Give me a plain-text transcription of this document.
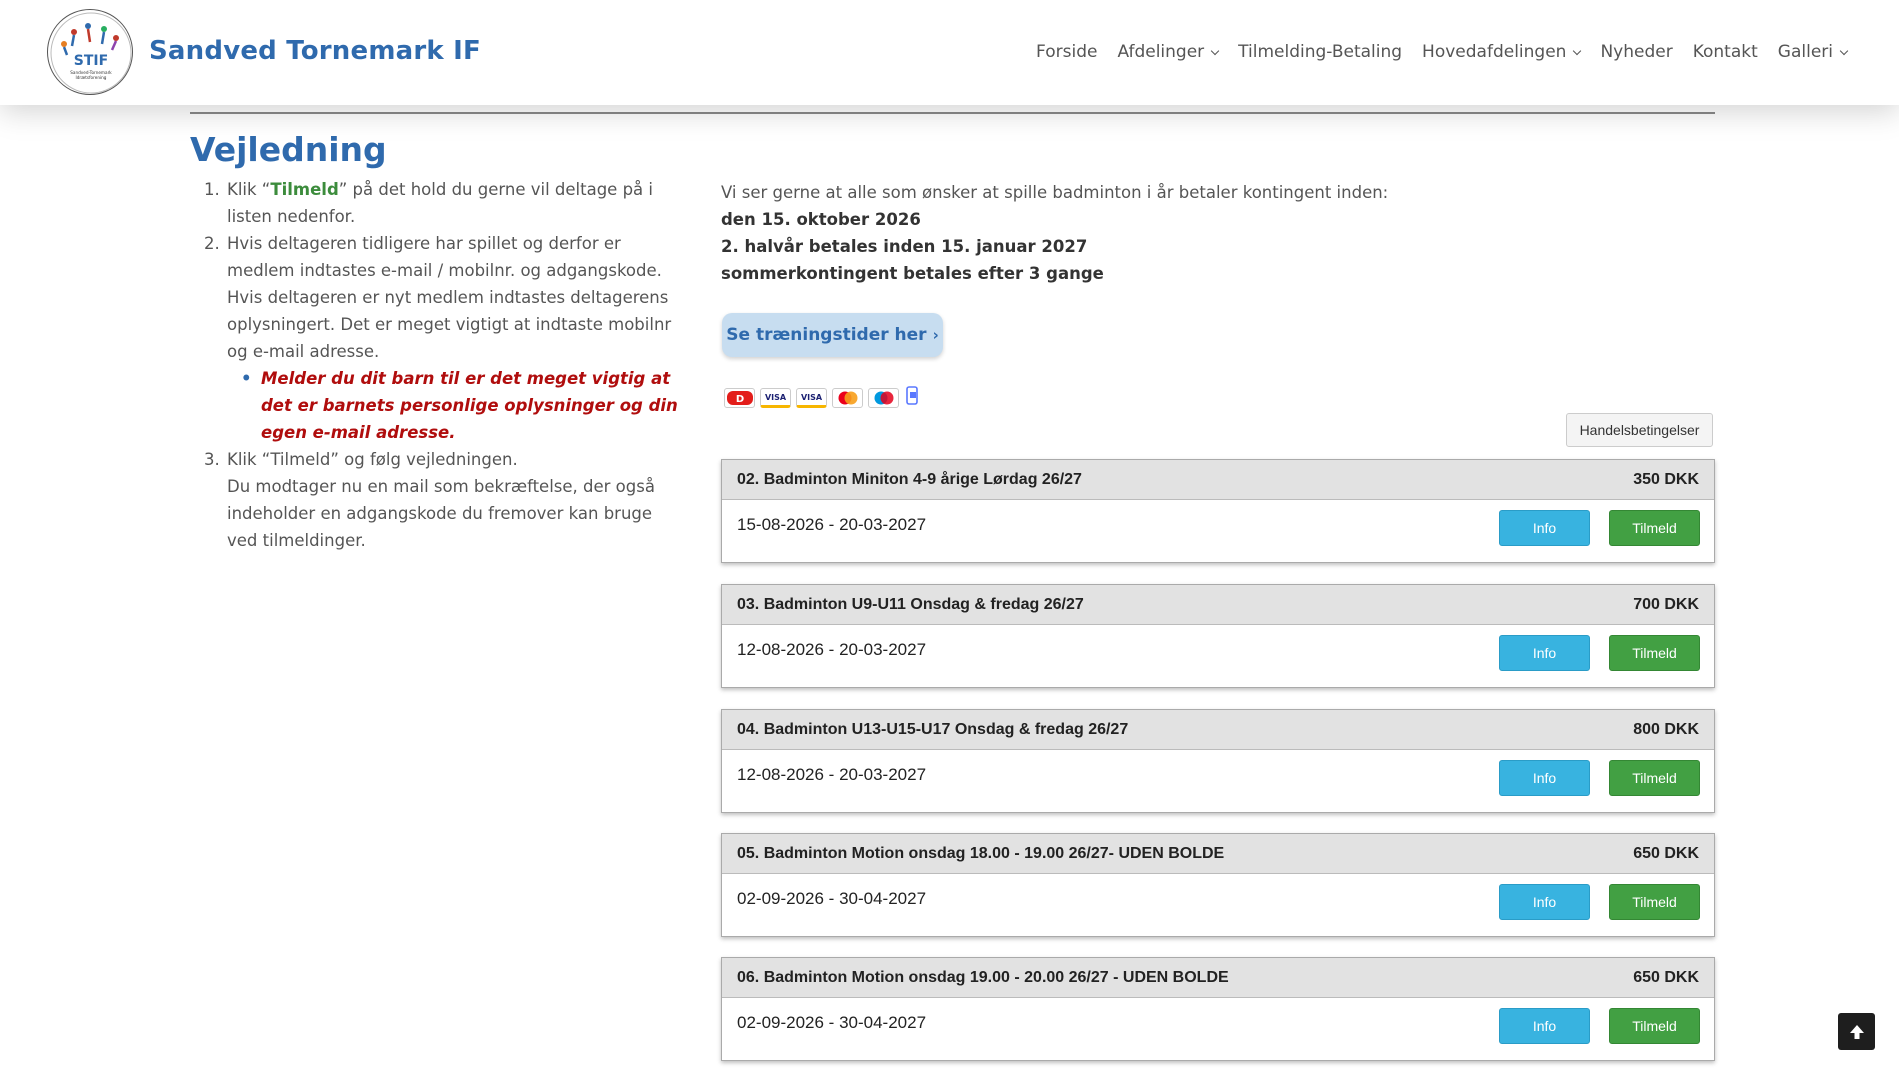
STIF
Sandved-Tornemark
Idrætsforening
Sandved Tornemark IF	Forside Afdelinger Tilmelding-Betaling Hovedafdelingen Nyheder Kontakt Galleri
Vejledning
1. Klik “Tilmeld” på det hold du gerne vil deltage på i listen nedenfor.
2. Hvis deltageren tidligere har spillet og derfor er medlem indtastes e-mail / mobilnr. og adgangskode. Hvis deltageren er nyt medlem indtastes deltagerens oplysningert. Det er meget vigtigt at indtaste mobilnr og e-mail adresse.
• Melder du dit barn til er det meget vigtig at det er barnets personlige oplysninger og din egen e-mail adresse.
3. Klik “Tilmeld” og følg vejledningen.
Du modtager nu en mail som bekræftelse, der også indeholder en adgangskode du fremover kan bruge ved tilmeldinger.
Vi ser gerne at alle som ønsker at spille badminton i år betaler kontingent inden:
den 15. oktober 2026
2. halvår betales inden 15. januar 2027
sommerkontingent betales efter 3 gange
Se træningstider her ›
D	VISA	VISA
Handelsbetingelser
02. Badminton Miniton 4-9 årige Lørdag 26/27	350 DKK
15-08-2026 - 20-03-2027	Info	Tilmeld
03. Badminton U9-U11 Onsdag & fredag 26/27	700 DKK
12-08-2026 - 20-03-2027	Info	Tilmeld
04. Badminton U13-U15-U17 Onsdag & fredag 26/27	800 DKK
12-08-2026 - 20-03-2027	Info	Tilmeld
05. Badminton Motion onsdag 18.00 - 19.00 26/27- UDEN BOLDE	650 DKK
02-09-2026 - 30-04-2027	Info	Tilmeld
06. Badminton Motion onsdag 19.00 - 20.00 26/27 - UDEN BOLDE	650 DKK
02-09-2026 - 30-04-2027	Info	Tilmeld
